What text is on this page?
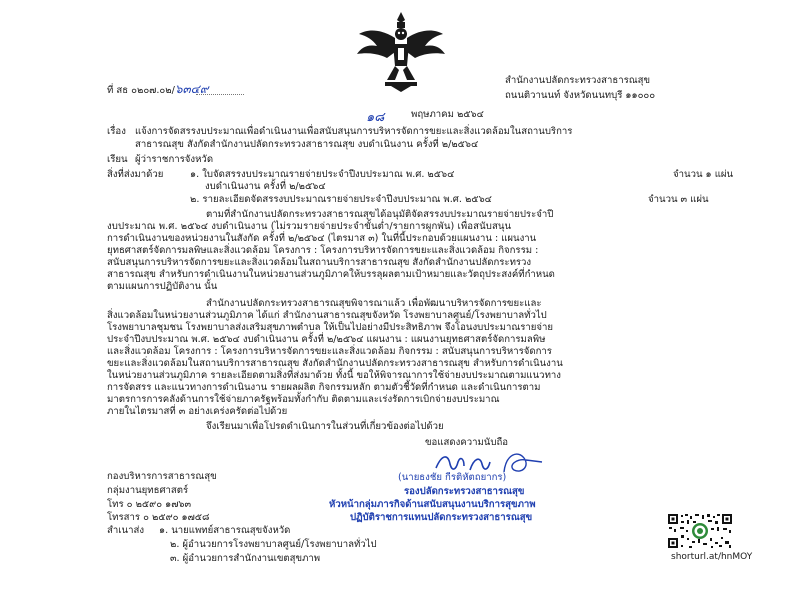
ที่ สธ ๐๒๐๗.๐๒/๖๓๔๙
สำนักงานปลัดกระทรวงสาธารณสุข
ถนนติวานนท์ จังหวัดนนทบุรี ๑๑๐๐๐
๑๘	พฤษภาคม ๒๕๖๔
เรื่อง แจ้งการจัดสรรงบประมาณเพื่อดำเนินงานเพื่อสนับสนุนการบริหารจัดการขยะและสิ่งแวดล้อมในสถานบริการ
สาธารณสุข สังกัดสำนักงานปลัดกระทรวงสาธารณสุข งบดำเนินงาน ครั้งที่ ๒/๒๕๖๔
เรียน ผู้ว่าราชการจังหวัด
สิ่งที่ส่งมาด้วย	๑. ใบจัดสรรงบประมาณรายจ่ายประจำปีงบประมาณ พ.ศ. ๒๕๖๔	จำนวน ๑ แผ่น
งบดำเนินงาน ครั้งที่ ๒/๒๕๖๔
๒. รายละเอียดจัดสรรงบประมาณรายจ่ายประจำปีงบประมาณ พ.ศ. ๒๕๖๔	จำนวน ๓ แผ่น
ตามที่สำนักงานปลัดกระทรวงสาธารณสุขได้อนุมัติจัดสรรงบประมาณรายจ่ายประจำปี
งบประมาณ พ.ศ. ๒๕๖๔ งบดำเนินงาน (ไม่รวมรายจ่ายประจำขั้นต่ำ/รายการผูกพัน) เพื่อสนับสนุน
การดำเนินงานของหน่วยงานในสังกัด ครั้งที่ ๒/๒๕๖๔ (ไตรมาส ๓) ในที่นี้ประกอบด้วยแผนงาน : แผนงาน
ยุทธศาสตร์จัดการมลพิษและสิ่งแวดล้อม โครงการ : โครงการบริหารจัดการขยะและสิ่งแวดล้อม กิจกรรม :
สนับสนุนการบริหารจัดการขยะและสิ่งแวดล้อมในสถานบริการสาธารณสุข สังกัดสำนักงานปลัดกระทรวง
สาธารณสุข สำหรับการดำเนินงานในหน่วยงานส่วนภูมิภาคให้บรรลุผลตามเป้าหมายและวัตถุประสงค์ที่กำหนด
ตามแผนการปฏิบัติงาน นั้น
สำนักงานปลัดกระทรวงสาธารณสุขพิจารณาแล้ว เพื่อพัฒนาบริหารจัดการขยะและ
สิ่งแวดล้อมในหน่วยงานส่วนภูมิภาค ได้แก่ สำนักงานสาธารณสุขจังหวัด โรงพยาบาลศูนย์/โรงพยาบาลทั่วไป
โรงพยาบาลชุมชน โรงพยาบาลส่งเสริมสุขภาพตำบล ให้เป็นไปอย่างมีประสิทธิภาพ จึงโอนงบประมาณรายจ่าย
ประจำปีงบประมาณ พ.ศ. ๒๕๖๔ งบดำเนินงาน ครั้งที่ ๒/๒๕๖๔ แผนงาน : แผนงานยุทธศาสตร์จัดการมลพิษ
และสิ่งแวดล้อม โครงการ : โครงการบริหารจัดการขยะและสิ่งแวดล้อม กิจกรรม : สนับสนุนการบริหารจัดการ
ขยะและสิ่งแวดล้อมในสถานบริการสาธารณสุข สังกัดสำนักงานปลัดกระทรวงสาธารณสุข สำหรับการดำเนินงาน
ในหน่วยงานส่วนภูมิภาค รายละเอียดตามสิ่งที่ส่งมาด้วย ทั้งนี้ ขอให้พิจารณาการใช้จ่ายงบประมาณตามแนวทาง
การจัดสรร และแนวทางการดำเนินงาน รายผลผลิต กิจกรรมหลัก ตามตัวชี้วัดที่กำหนด และดำเนินการตาม
มาตรการการคลังด้านการใช้จ่ายภาครัฐพร้อมทั้งกำกับ ติดตามและเร่งรัดการเบิกจ่ายงบประมาณ
ภายในไตรมาสที่ ๓ อย่างเคร่งครัดต่อไปด้วย
จึงเรียนมาเพื่อโปรดดำเนินการในส่วนที่เกี่ยวข้องต่อไปด้วย
ขอแสดงความนับถือ
(นายธงชัย กีรติหัตถยากร)
รองปลัดกระทรวงสาธารณสุข
หัวหน้ากลุ่มภารกิจด้านสนับสนุนงานบริการสุขภาพ
ปฏิบัติราชการแทนปลัดกระทรวงสาธารณสุข
กองบริหารการสาธารณสุข
กลุ่มงานยุทธศาสตร์
โทร ๐ ๒๕๙๐ ๑๗๖๓
โทรสาร ๐ ๒๕๙๐ ๑๗๕๘
สำเนาส่ง ๑. นายแพทย์สาธารณสุขจังหวัด
๒. ผู้อำนวยการโรงพยาบาลศูนย์/โรงพยาบาลทั่วไป
๓. ผู้อำนวยการสำนักงานเขตสุขภาพ	shorturl.at/hnMOY
